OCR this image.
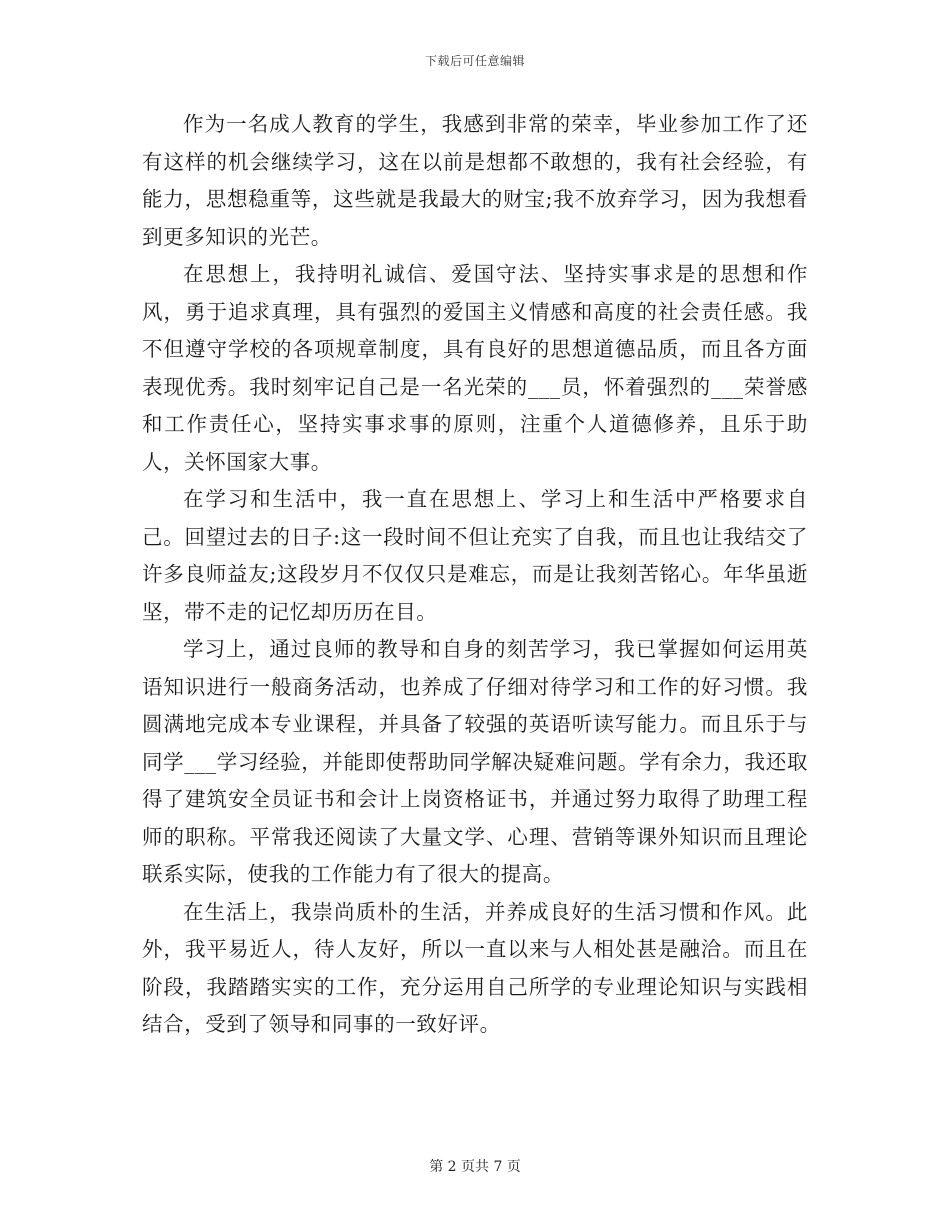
下载后可任意编辑

作为一名成人教育的学生，我感到非常的荣幸，毕业参加工作了还有这样的机会继续学习，这在以前是想都不敢想的，我有社会经验，有能力，思想稳重等，这些就是我最大的财宝;我不放弃学习，因为我想看到更多知识的光芒。

在思想上，我持明礼诚信、爱国守法、坚持实事求是的思想和作风，勇于追求真理，具有强烈的爱国主义情感和高度的社会责任感。我不但遵守学校的各项规章制度，具有良好的思想道德品质，而且各方面表现优秀。我时刻牢记自己是一名光荣的___员，怀着强烈的___荣誉感和工作责任心，坚持实事求事的原则，注重个人道德修养，且乐于助人，关怀国家大事。

在学习和生活中，我一直在思想上、学习上和生活中严格要求自己。回望过去的日子:这一段时间不但让充实了自我，而且也让我结交了许多良师益友;这段岁月不仅仅只是难忘，而是让我刻苦铭心。年华虽逝坚，带不走的记忆却历历在目。

学习上，通过良师的教导和自身的刻苦学习，我已掌握如何运用英语知识进行一般商务活动，也养成了仔细对待学习和工作的好习惯。我圆满地完成本专业课程，并具备了较强的英语听读写能力。而且乐于与同学___学习经验，并能即使帮助同学解决疑难问题。学有余力，我还取得了建筑安全员证书和会计上岗资格证书，并通过努力取得了助理工程师的职称。平常我还阅读了大量文学、心理、营销等课外知识而且理论联系实际，使我的工作能力有了很大的提高。

在生活上，我崇尚质朴的生活，并养成良好的生活习惯和作风。此外，我平易近人，待人友好，所以一直以来与人相处甚是融洽。而且在阶段，我踏踏实实的工作，充分运用自己所学的专业理论知识与实践相结合，受到了领导和同事的一致好评。

第 2 页共 7 页
